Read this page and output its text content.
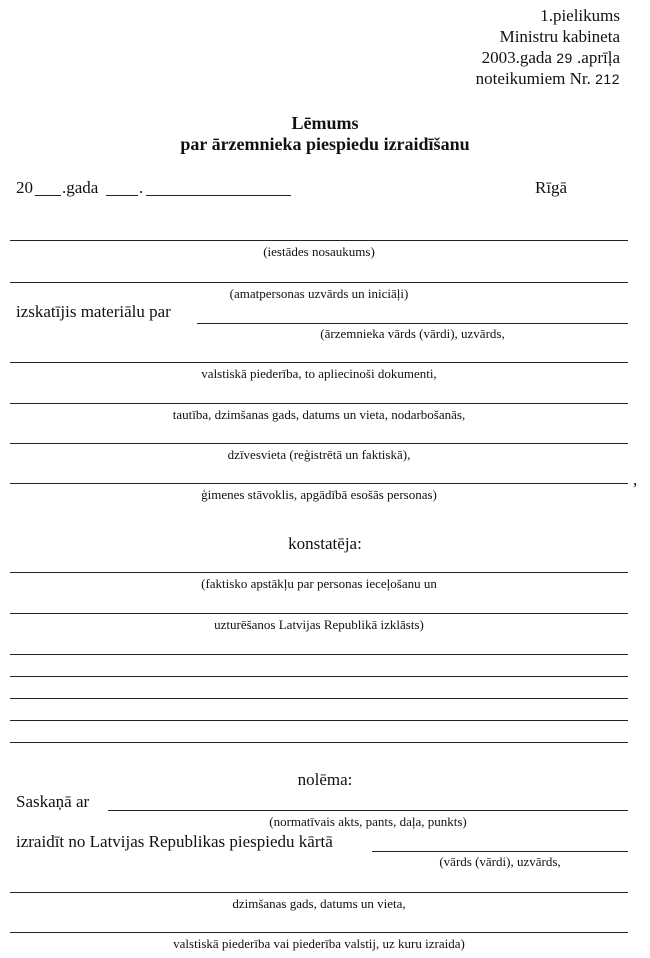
1.pielikums
Ministru kabineta
2003.gada 29 .aprīļa
noteikumiem Nr. 212
Lēmums
par ārzemnieka piespiedu izraidīšanu
20 .gada .	Rīgā
(iestādes nosaukums)
(amatpersonas uzvārds un iniciāļi)
izskatījis materiālu par
(ārzemnieka vārds (vārdi), uzvārds,
valstiskā piederība, to apliecinoši dokumenti,
tautība, dzimšanas gads, datums un vieta, nodarbošanās,
dzīvesvieta (reģistrētā un faktiskā),
,
ģimenes stāvoklis, apgādībā esošās personas)
konstatēja:
(faktisko apstākļu par personas ieceļošanu un
uzturēšanos Latvijas Republikā izklāsts)
nolēma:
Saskaņā ar
(normatīvais akts, pants, daļa, punkts)
izraidīt no Latvijas Republikas piespiedu kārtā
(vārds (vārdi), uzvārds,
dzimšanas gads, datums un vieta,
valstiskā piederība vai piederība valstij, uz kuru izraida)
